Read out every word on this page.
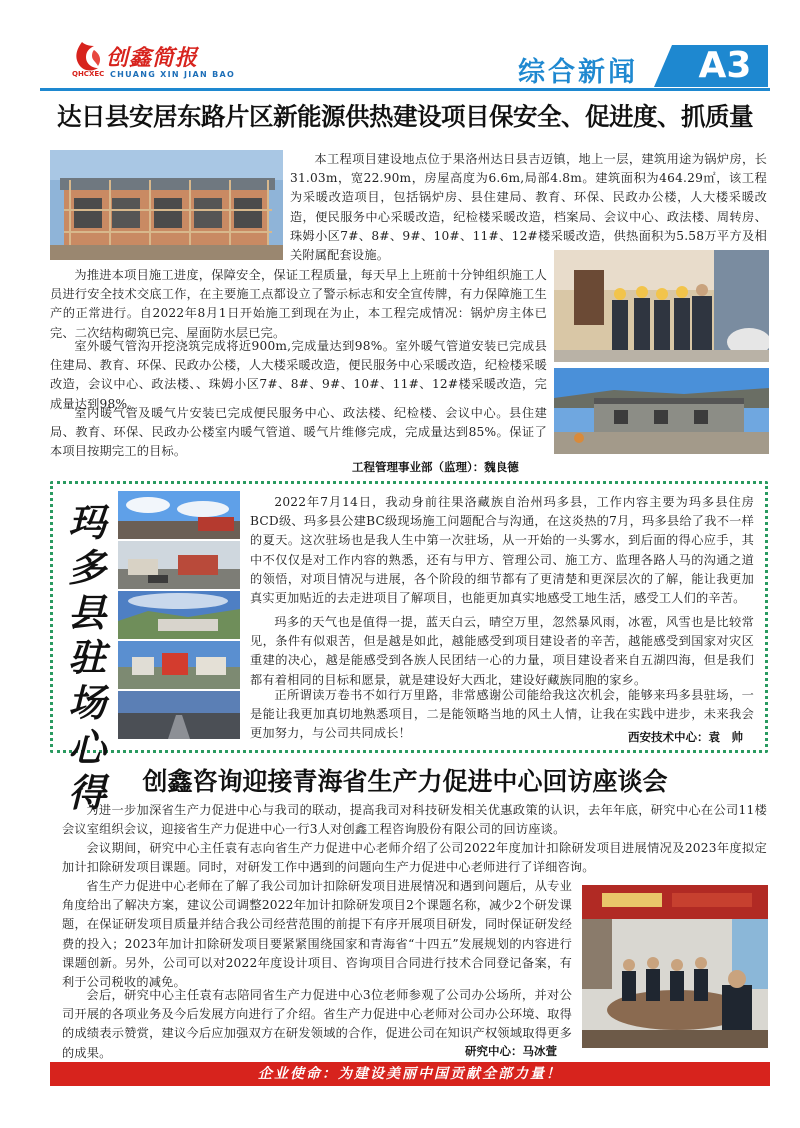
创鑫简报
QHCXEC CHUANG XIN JIAN BAO	综合新闻	A3
达日县安居东路片区新能源供热建设项目保安全、促进度、抓质量

本工程项目建设地点位于果洛州达日县吉迈镇，地上一层，建筑用途为锅炉房，长31.03m，宽22.90m，房屋高度为6.6m,局部4.8m。建筑面积为464.29㎡，该工程为采暖改造项目，包括锅炉房、县住建局、教育、环保、民政办公楼，人大楼采暖改造，便民服务中心采暖改造，纪检楼采暖改造，档案局、会议中心、政法楼、周转房、珠姆小区7#、8#、9#、10#、11#、12#楼采暖改造，供热面积为5.58万平方及相关附属配套设施。

为推进本项目施工进度，保障安全，保证工程质量，每天早上上班前十分钟组织施工人员进行安全技术交底工作，在主要施工点都设立了警示标志和安全宣传牌，有力保障施工生产的正常进行。自2022年8月1日开始施工到现在为止，本工程完成情况：锅炉房主体已完、二次结构砌筑已完、屋面防水层已完。

室外暖气管沟开挖浇筑完成将近900m,完成量达到98%。室外暖气管道安装已完成县住建局、教育、环保、民政办公楼，人大楼采暖改造，便民服务中心采暖改造，纪检楼采暖改造，会议中心、政法楼、、珠姆小区7#、8#、9#、10#、11#、12#楼采暖改造，完成量达到98%。

室内暖气管及暖气片安装已完成便民服务中心、政法楼、纪检楼、会议中心。县住建局、教育、环保、民政办公楼室内暖气管道、暖气片维修完成，完成量达到85%。保证了本项目按期完工的目标。

工程管理事业部（监理）：魏良德
玛
多
县
驻
场
心
得

2022年7月14日，我动身前往果洛藏族自治州玛多县，工作内容主要为玛多县住房BCD级、玛多县公建BC级现场施工问题配合与沟通，在这炎热的7月，玛多县给了我不一样的夏天。这次驻场也是我人生中第一次驻场，从一开始的一头雾水，到后面的得心应手，其中不仅仅是对工作内容的熟悉，还有与甲方、管理公司、施工方、监理各路人马的沟通之道的领悟，对项目情况与进展，各个阶段的细节都有了更清楚和更深层次的了解，能让我更加真实更加贴近的去走进项目了解项目，也能更加真实地感受工地生活，感受工人们的辛苦。

玛多的天气也是值得一提，蓝天白云，晴空万里，忽然暴风雨，冰雹，风雪也是比较常见，条件有似艰苦，但是越是如此，越能感受到项目建设者的辛苦，越能感受到国家对灾区重建的决心，越是能感受到各族人民团结一心的力量，项目建设者来自五湖四海，但是我们都有着相同的目标和愿景，就是建设好大西北，建设好藏族同胞的家乡。

正所谓读万卷书不如行万里路，非常感谢公司能给我这次机会，能够来玛多县驻场，一是能让我更加真切地熟悉项目，二是能领略当地的风土人情，让我在实践中进步，未来我会更加努力，与公司共同成长！	西安技术中心：袁　帅
创鑫咨询迎接青海省生产力促进中心回访座谈会

为进一步加深省生产力促进中心与我司的联动，提高我司对科技研发相关优惠政策的认识，去年年底，研究中心在公司11楼会议室组织会议，迎接省生产力促进中心一行3人对创鑫工程咨询股份有限公司的回访座谈。

会议期间，研究中心主任袁有志向省生产力促进中心老师介绍了公司2022年度加计扣除研发项目进展情况及2023年度拟定加计扣除研发项目课题。同时，对研发工作中遇到的问题向生产力促进中心老师进行了详细咨询。

省生产力促进中心老师在了解了我公司加计扣除研发项目进展情况和遇到问题后，从专业角度给出了解决方案，建议公司调整2022年加计扣除研发项目2个课题名称，减少2个研发课题，在保证研发项目质量并结合我公司经营范围的前提下有序开展项目研发，同时保证研发经费的投入；2023年加计扣除研发项目要紧紧围绕国家和青海省“十四五”发展规划的内容进行课题创新。另外，公司可以对2022年度设计项目、咨询项目合同进行技术合同登记备案，有利于公司税收的减免。

会后，研究中心主任袁有志陪同省生产力促进中心3位老师参观了公司办公场所，并对公司开展的各项业务及今后发展方向进行了介绍。省生产力促进中心老师对公司办公环境、取得的成绩表示赞赏，建议今后应加强双方在研发领域的合作，促进公司在知识产权领域取得更多的成果。	研究中心：马冰萱
企业使命：为建设美丽中国贡献全部力量！
